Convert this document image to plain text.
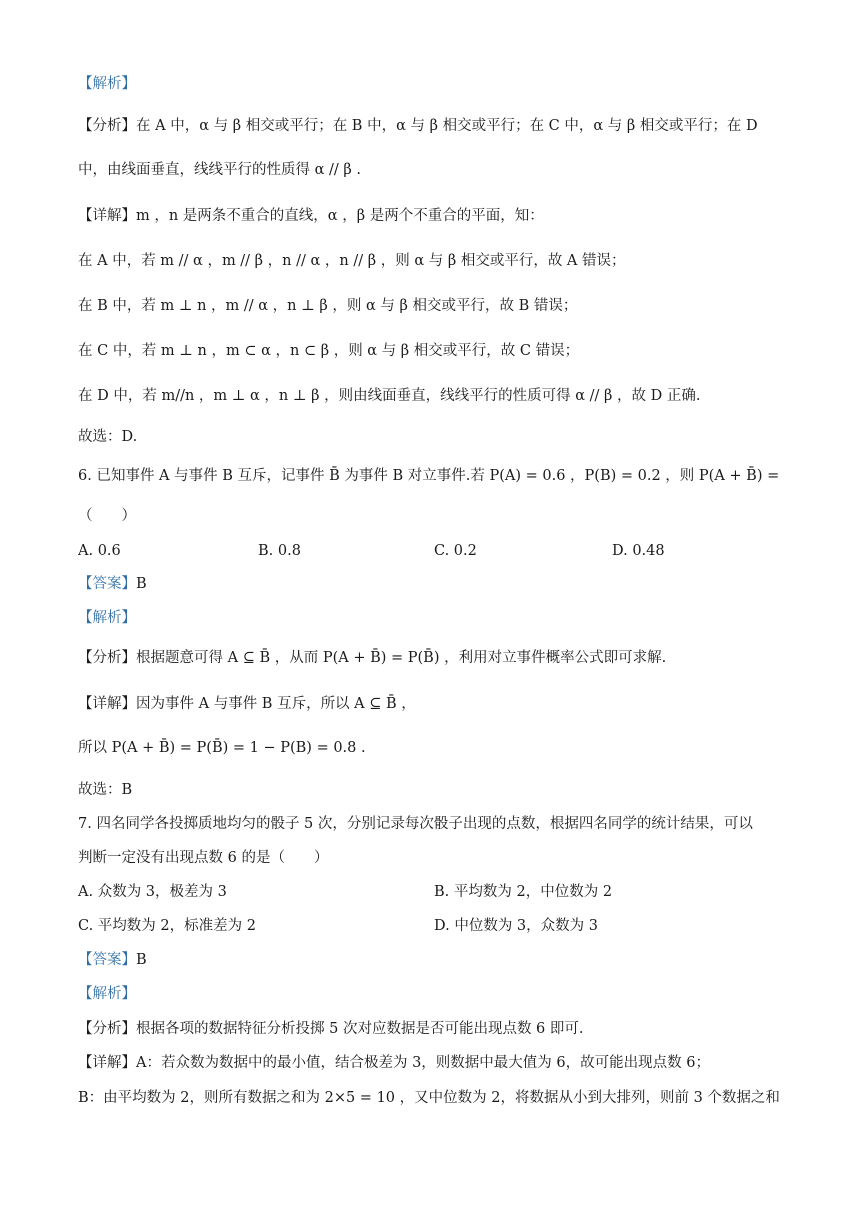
【解析】
【分析】在 A 中，α 与 β 相交或平行；在 B 中，α 与 β 相交或平行；在 C 中，α 与 β 相交或平行；在 D
中，由线面垂直，线线平行的性质得 α // β .
【详解】m ，n 是两条不重合的直线，α ，β 是两个不重合的平面，知：
在 A 中，若 m // α ，m // β ，n // α ，n // β ，则 α 与 β 相交或平行，故 A 错误；
在 B 中，若 m ⊥ n ，m // α ，n ⊥ β ，则 α 与 β 相交或平行，故 B 错误；
在 C 中，若 m ⊥ n ，m ⊂ α ，n ⊂ β ，则 α 与 β 相交或平行，故 C 错误；
在 D 中，若 m//n ，m ⊥ α ，n ⊥ β ，则由线面垂直，线线平行的性质可得 α // β ，故 D 正确.
故选：D.
6. 已知事件 A 与事件 B 互斥，记事件 B̄ 为事件 B 对立事件.若 P(A) = 0.6 ，P(B) = 0.2 ，则 P(A + B̄) =
（　　）
A. 0.6	B. 0.8	C. 0.2	D. 0.48
【答案】B
【解析】
【分析】根据题意可得 A ⊆ B̄ ，从而 P(A + B̄) = P(B̄) ，利用对立事件概率公式即可求解.
【详解】因为事件 A 与事件 B 互斥，所以 A ⊆ B̄ ，
所以 P(A + B̄) = P(B̄) = 1 − P(B) = 0.8 .
故选：B
7. 四名同学各投掷质地均匀的骰子 5 次，分别记录每次骰子出现的点数，根据四名同学的统计结果，可以
判断一定没有出现点数 6 的是（　　）
A. 众数为 3，极差为 3	B. 平均数为 2，中位数为 2
C. 平均数为 2，标准差为 2	D. 中位数为 3，众数为 3
【答案】B
【解析】
【分析】根据各项的数据特征分析投掷 5 次对应数据是否可能出现点数 6 即可.
【详解】A：若众数为数据中的最小值，结合极差为 3，则数据中最大值为 6，故可能出现点数 6；
B：由平均数为 2，则所有数据之和为 2×5 = 10 ，又中位数为 2，将数据从小到大排列，则前 3 个数据之和
